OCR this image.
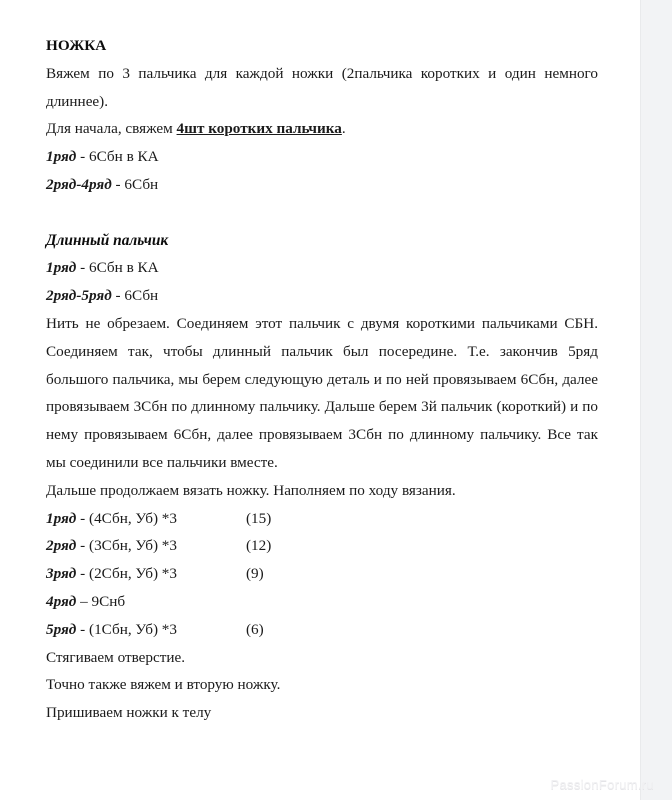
НОЖКА
Вяжем по 3 пальчика для каждой ножки (2пальчика коротких и один немного длиннее).
Для начала, свяжем 4шт коротких пальчика.
1ряд - 6Сбн в КА
2ряд-4ряд - 6Сбн
Длинный пальчик
1ряд - 6Сбн в КА
2ряд-5ряд - 6Сбн
Нить не обрезаем. Соединяем этот пальчик с двумя короткими пальчиками СБН. Соединяем так, чтобы длинный пальчик был посередине. Т.е. закончив 5ряд большого пальчика, мы берем следующую деталь и по ней провязываем 6Сбн, далее провязываем 3Сбн по длинному пальчику. Дальше берем 3й пальчик (короткий) и по нему провязываем 6Сбн, далее провязываем 3Сбн по длинному пальчику. Все так мы соединили все пальчики вместе.
Дальше продолжаем вязать ножку. Наполняем по ходу вязания.
1ряд - (4Сбн, Уб) *3	(15)
2ряд - (3Сбн, Уб) *3	(12)
3ряд - (2Сбн, Уб) *3	(9)
4ряд – 9Снб
5ряд - (1Сбн, Уб) *3	(6)
Стягиваем отверстие.
Точно также вяжем и вторую ножку.
Пришиваем ножки к телу
PassionForum.ru
